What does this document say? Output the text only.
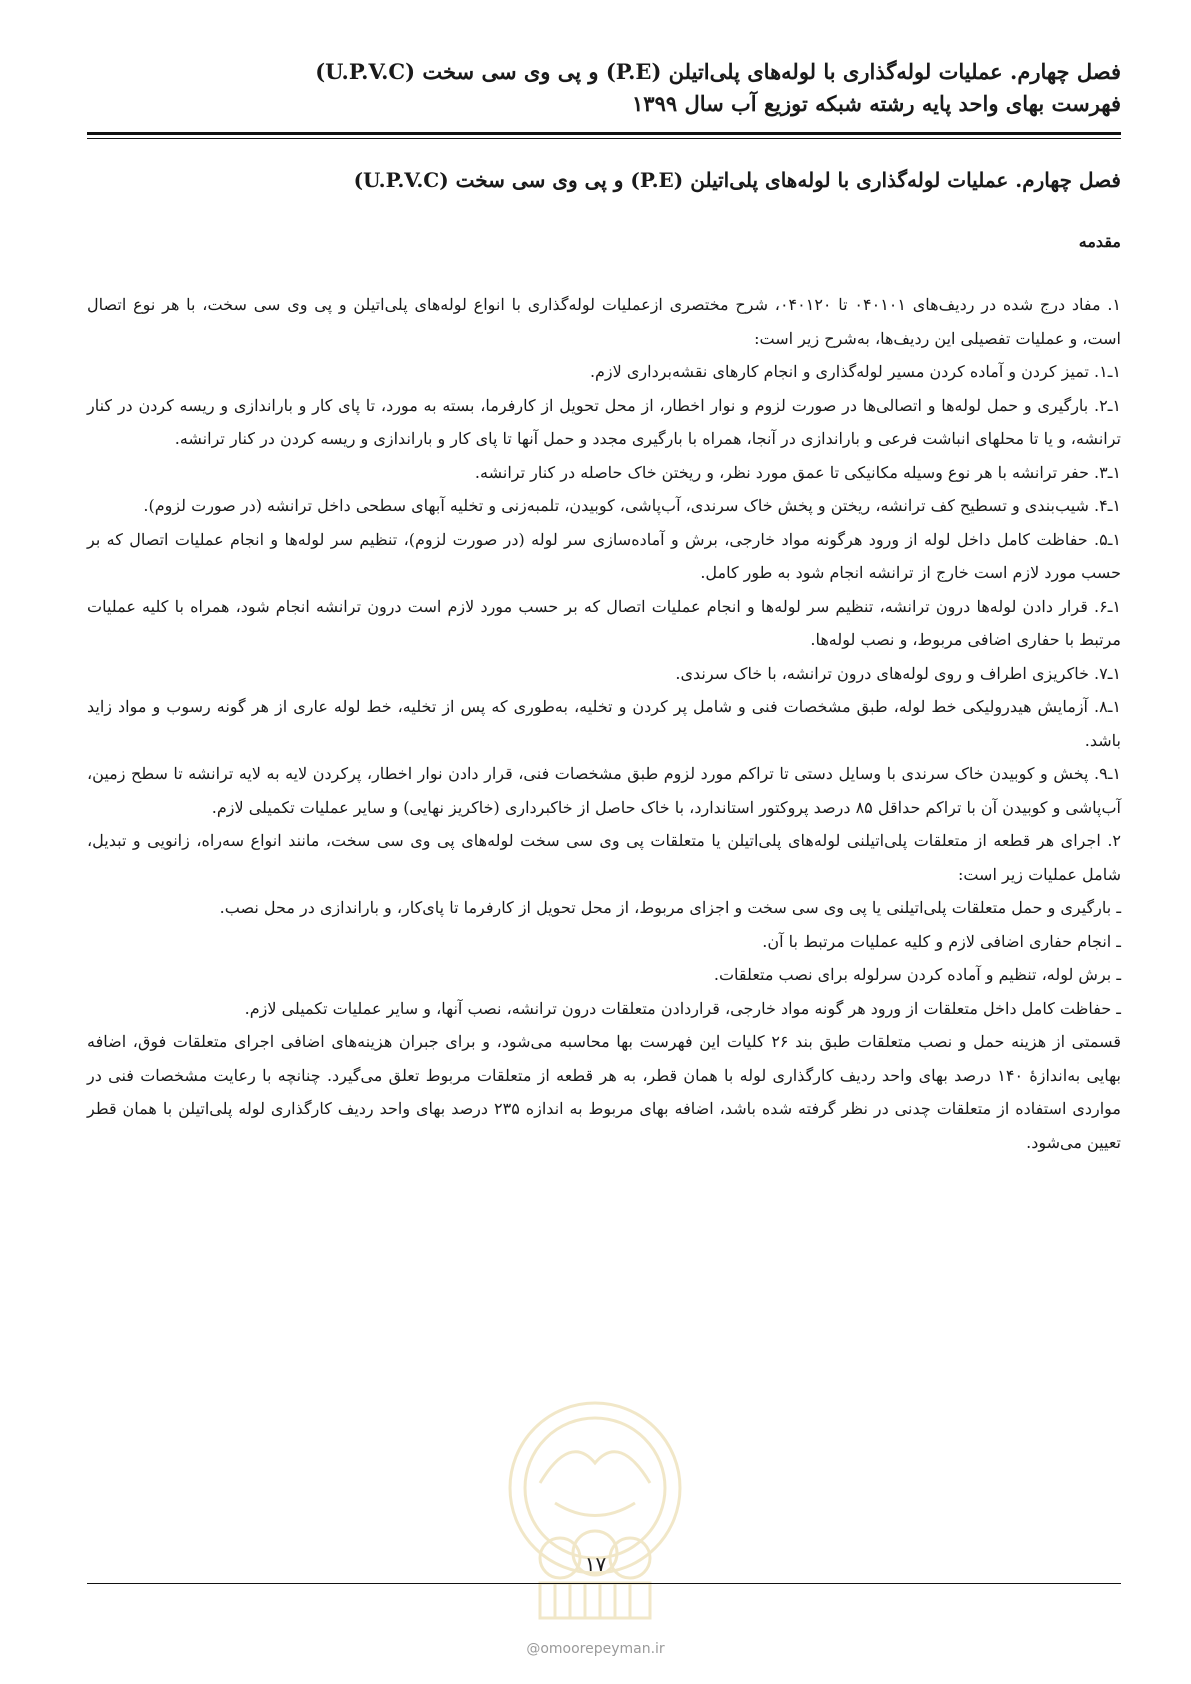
فصل چهارم. عملیات لوله‌گذاری با لوله‌های پلی‌اتیلن (P.E) و پی وی سی سخت (U.P.V.C)
فهرست بهای واحد پایه رشته شبکه توزیع آب سال ۱۳۹۹
فصل چهارم. عملیات لوله‌گذاری با لوله‌های پلی‌اتیلن (P.E) و پی وی سی سخت (U.P.V.C)
مقدمه

۱. مفاد درج شده در ردیف‌های ۰۴۰۱۰۱ تا ۰۴۰۱۲۰، شرح مختصری ازعملیات لوله‌گذاری با انواع لوله‌های پلی‌اتیلن و پی وی سی سخت، با هر نوع اتصال است، و عملیات تفصیلی این ردیف‌ها، به‌شرح زیر است:

۱ـ۱. تمیز کردن و آماده کردن مسیر لوله‌گذاری و انجام کارهای نقشه‌برداری لازم.

۱ـ۲. بارگیری و حمل لوله‌ها و اتصالی‌ها در صورت لزوم و نوار اخطار، از محل تحویل از کارفرما، بسته به مورد، تا پای کار و باراندازی و ریسه کردن در کنار ترانشه، و یا تا محلهای انباشت فرعی و باراندازی در آنجا، همراه با بارگیری مجدد و حمل آنها تا پای کار و باراندازی و ریسه کردن در کنار ترانشه.

۱ـ۳. حفر ترانشه با هر نوع وسیله مکانیکی تا عمق مورد نظر، و ریختن خاک حاصله در کنار ترانشه.

۱ـ۴. شیب‌بندی و تسطیح کف ترانشه، ریختن و پخش خاک سرندی، آب‌پاشی، کوبیدن، تلمبه‌زنی و تخلیه آبهای سطحی داخل ترانشه (در صورت لزوم).

۱ـ۵. حفاظت کامل داخل لوله از ورود هرگونه مواد خارجی، برش و آماده‌سازی سر لوله (در صورت لزوم)، تنظیم سر لوله‌ها و انجام عملیات اتصال که بر حسب مورد لازم است خارج از ترانشه انجام شود به طور کامل.

۱ـ۶. قرار دادن لوله‌ها درون ترانشه، تنظیم سر لوله‌ها و انجام عملیات اتصال که بر حسب مورد لازم است درون ترانشه انجام شود، همراه با کلیه عملیات مرتبط با حفاری اضافی مربوط، و نصب لوله‌ها.

۱ـ۷. خاکریزی اطراف و روی لوله‌های درون ترانشه، با خاک سرندی.

۱ـ۸. آزمایش هیدرولیکی خط لوله، طبق مشخصات فنی و شامل پر کردن و تخلیه، به‌طوری که پس از تخلیه، خط لوله عاری از هر گونه رسوب و مواد زاید باشد.

۱ـ۹. پخش و کوبیدن خاک سرندی با وسایل دستی تا تراکم مورد لزوم طبق مشخصات فنی، قرار دادن نوار اخطار، پرکردن لایه به لایه ترانشه تا سطح زمین، آب‌پاشی و کوبیدن آن با تراکم حداقل ۸۵ درصد پروکتور استاندارد، با خاک حاصل از خاکبرداری (خاکریز نهایی) و سایر عملیات تکمیلی لازم.

۲. اجرای هر قطعه از متعلقات پلی‌اتیلنی لوله‌های پلی‌اتیلن یا متعلقات پی وی سی سخت لوله‌های پی وی سی سخت، مانند انواع سه‌راه، زانویی و تبدیل، شامل عملیات زیر است:

ـ بارگیری و حمل متعلقات پلی‌اتیلنی یا پی وی سی سخت و اجزای مربوط، از محل تحویل از کارفرما تا پای‌کار، و باراندازی در محل نصب.

ـ انجام حفاری اضافی لازم و کلیه عملیات مرتبط با آن.

ـ برش لوله، تنظیم و آماده کردن سرلوله برای نصب متعلقات.

ـ حفاظت کامل داخل متعلقات از ورود هر گونه مواد خارجی، قراردادن متعلقات درون ترانشه، نصب آنها، و سایر عملیات تکمیلی لازم.

قسمتی از هزینه حمل و نصب متعلقات طبق بند ۲۶ کلیات این فهرست بها محاسبه می‌شود، و برای جبران هزینه‌های اضافی اجرای متعلقات فوق، اضافه بهایی به‌اندازهٔ ۱۴۰ درصد بهای واحد ردیف کارگذاری لوله با همان قطر، به هر قطعه از متعلقات مربوط تعلق می‌گیرد. چنانچه با رعایت مشخصات فنی در مواردی استفاده از متعلقات چدنی در نظر گرفته شده باشد، اضافه بهای مربوط به اندازه ۲۳۵ درصد بهای واحد ردیف کارگذاری لوله پلی‌اتیلن با همان قطر تعیین می‌شود.

۱۷
@omoorepeyman.ir
